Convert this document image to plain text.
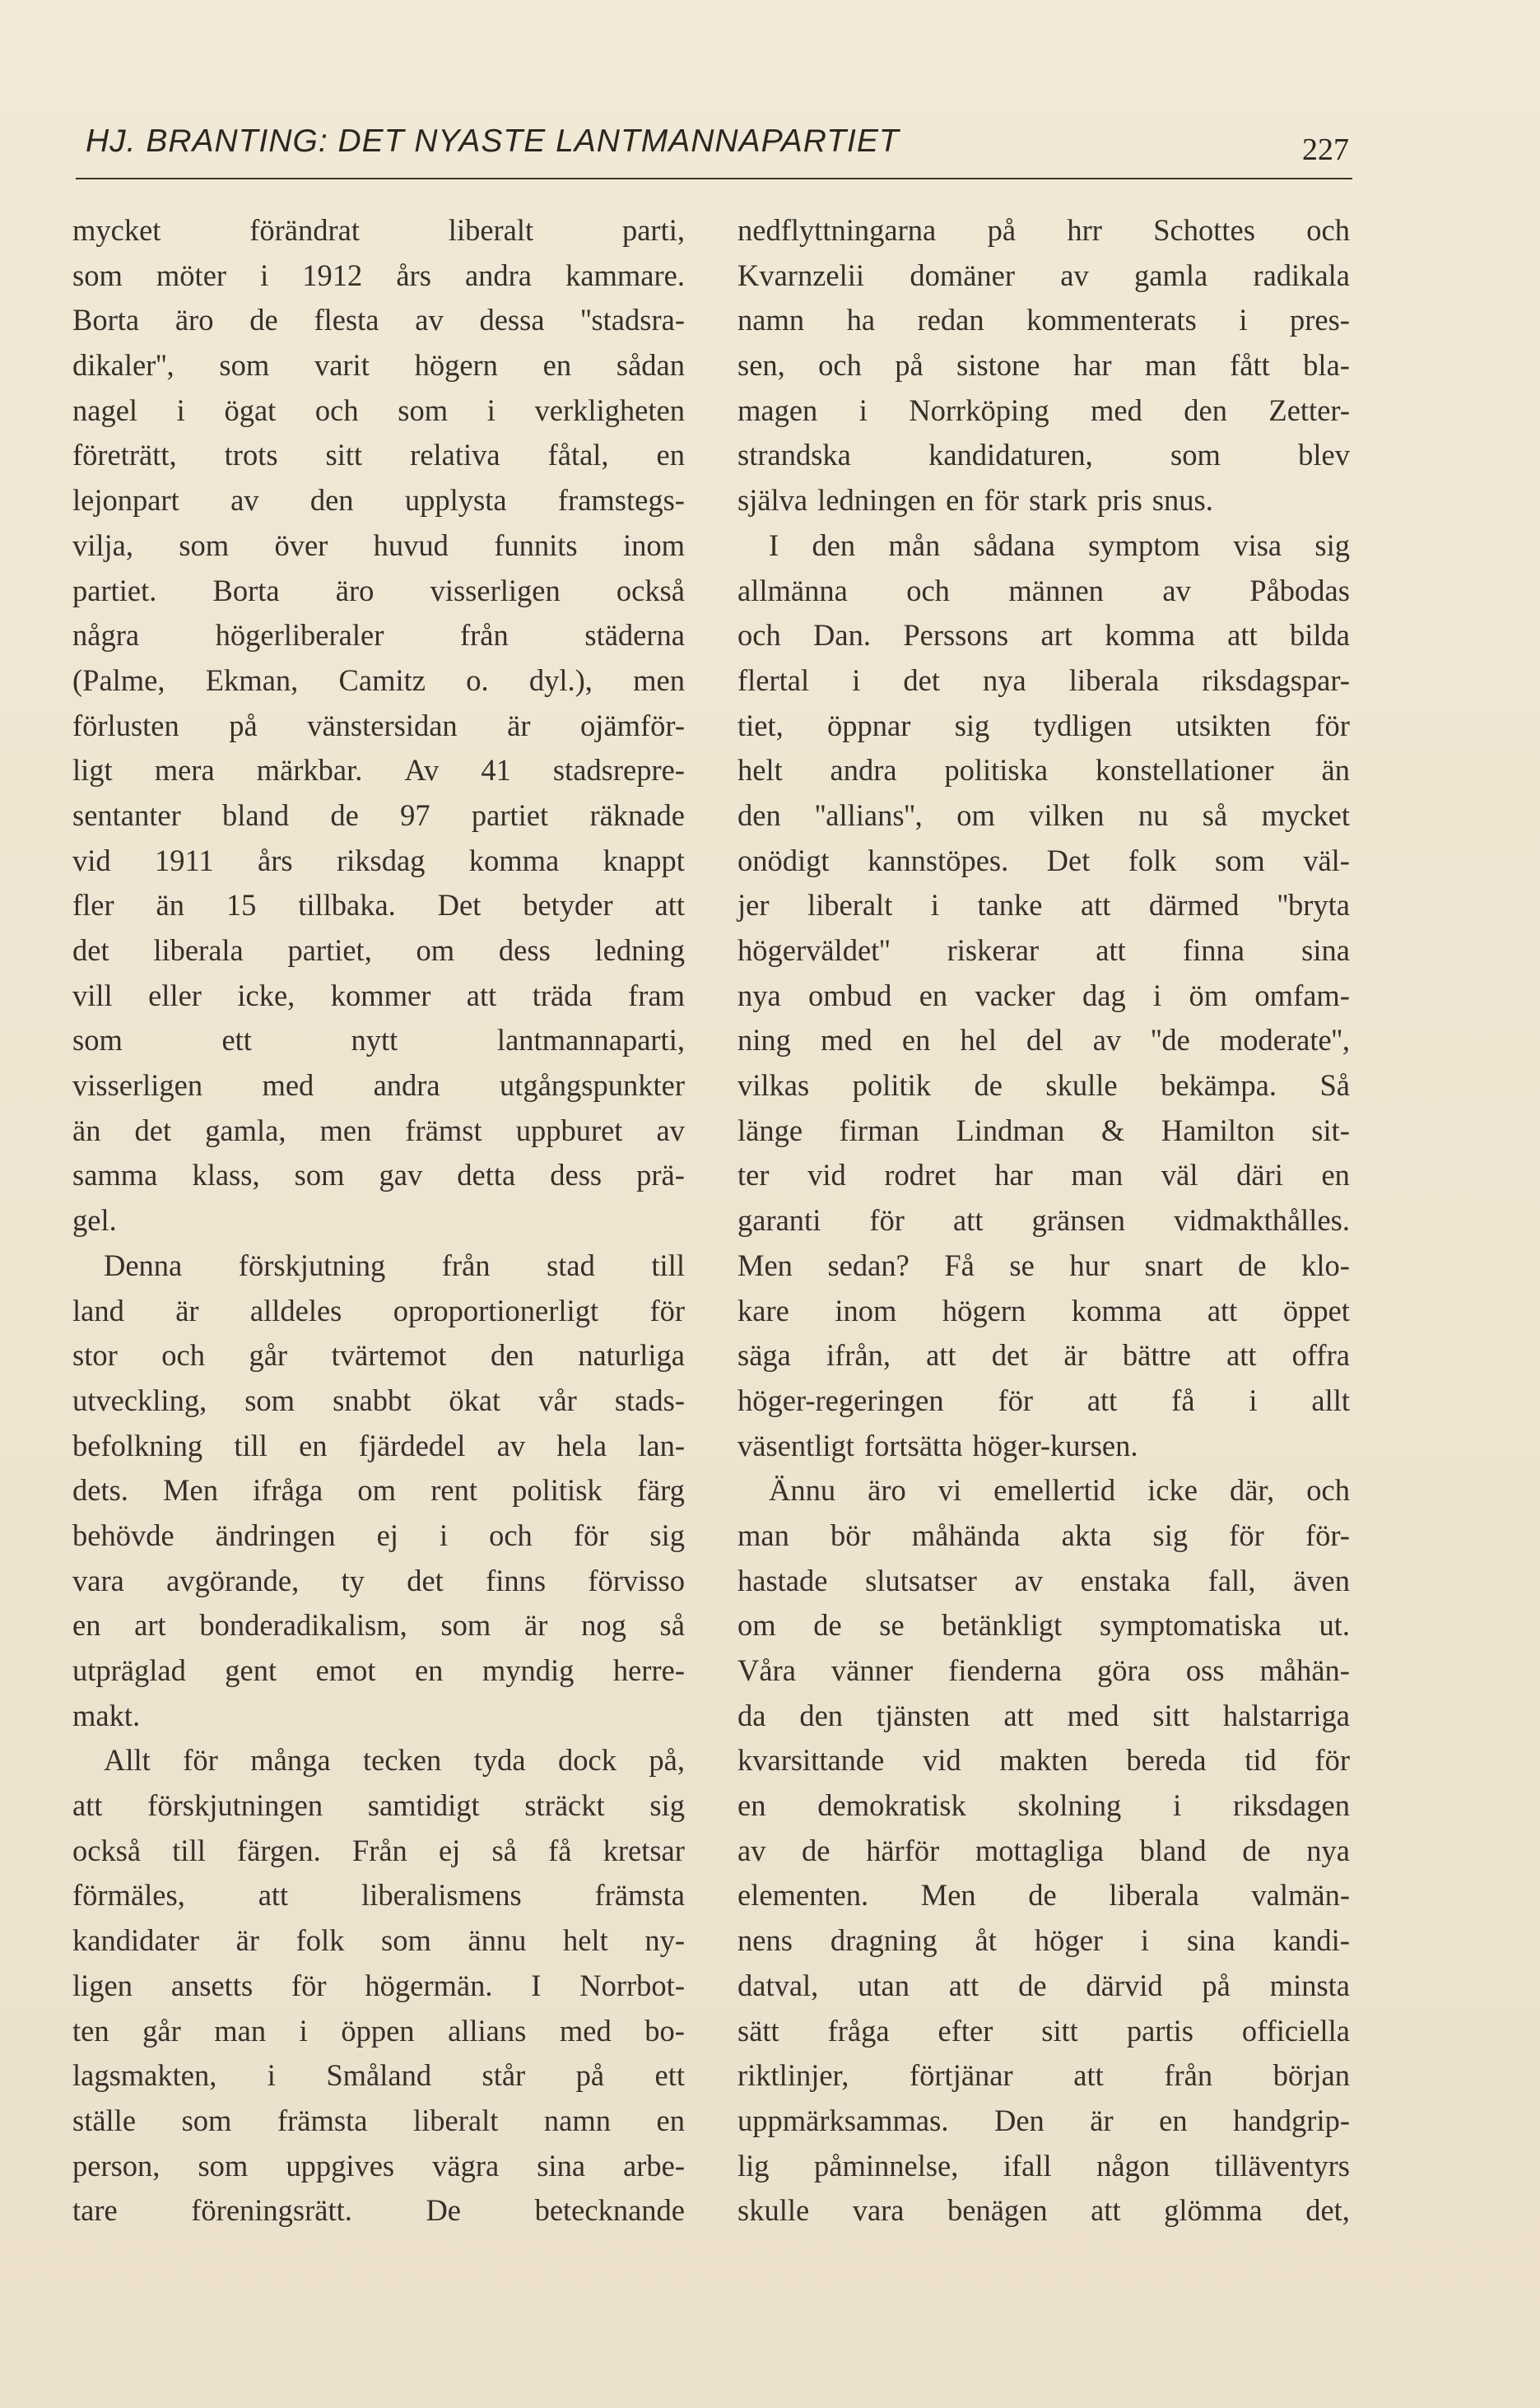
HJ. BRANTING: DET NYASTE LANTMANNAPARTIET	227
mycket	förändrat	liberalt	parti,
som möter i 1912 års andra kammare.
Borta äro de flesta av dessa ''stadsra-
dikaler'', som varit högern en sådan
nagel i ögat och som i verkligheten
företrätt, trots sitt relativa fåtal, en
lejonpart av den upplysta framstegs-
vilja, som över huvud funnits inom
partiet. Borta äro visserligen också
några	högerliberaler	från	städerna
(Palme, Ekman, Camitz o. dyl.), men
förlusten på vänstersidan är ojämför-
ligt mera märkbar. Av 41 stadsrepre-
sentanter bland de 97 partiet räknade
vid 1911 års riksdag komma knappt
fler än 15 tillbaka. Det betyder att
det liberala partiet, om dess ledning
vill eller icke, kommer att träda fram
som	ett	nytt	lantmannaparti,
visserligen med andra utgångspunkter
än det gamla, men främst uppburet av
samma klass, som gav detta dess prä-
gel.
Denna förskjutning från stad till
land är alldeles oproportionerligt för
stor och går tvärtemot den naturliga
utveckling, som snabbt ökat vår stads-
befolkning till en fjärdedel av hela lan-
dets. Men ifråga om rent politisk färg
behövde ändringen ej i och för sig
vara avgörande, ty det finns förvisso
en art bonderadikalism, som är nog så
utpräglad gent emot en myndig herre-
makt.
Allt för många tecken tyda dock på,
att förskjutningen samtidigt sträckt sig
också till färgen. Från ej så få kretsar
förmäles, att liberalismens främsta
kandidater är folk som ännu helt ny-
ligen ansetts för högermän. I Norrbot-
ten går man i öppen allians med bo-
lagsmakten, i Småland står på ett
ställe som främsta liberalt namn en
person, som uppgives vägra sina arbe-
tare föreningsrätt. De betecknande
nedflyttningarna på hrr Schottes och
Kvarnzelii domäner av gamla radikala
namn ha redan kommenterats i pres-
sen, och på sistone har man fått bla-
magen i Norrköping med den Zetter-
strandska	kandidaturen,	som	blev
själva ledningen en för stark pris snus.
I den mån sådana symptom visa sig
allmänna och männen av Påbodas
och Dan. Perssons art komma att bilda
flertal i det nya liberala riksdagspar-
tiet, öppnar sig tydligen utsikten för
helt andra politiska konstellationer än
den ''allians'', om vilken nu så mycket
onödigt kannstöpes. Det folk som väl-
jer liberalt i tanke att därmed ''bryta
högerväldet'' riskerar att finna sina
nya ombud en vacker dag i öm omfam-
ning med en hel del av ''de moderate'',
vilkas politik de skulle bekämpa. Så
länge firman Lindman & Hamilton sit-
ter vid rodret har man väl däri en
garanti för att gränsen vidmakthålles.
Men sedan? Få se hur snart de klo-
kare inom högern komma att öppet
säga ifrån, att det är bättre att offra
höger-regeringen för att få i allt
väsentligt fortsätta höger-kursen.
Ännu äro vi emellertid icke där, och
man bör måhända akta sig för för-
hastade slutsatser av enstaka fall, även
om de se betänkligt symptomatiska ut.
Våra vänner fienderna göra oss måhän-
da den tjänsten att med sitt halstarriga
kvarsittande vid makten bereda tid för
en demokratisk skolning i riksdagen
av de härför mottagliga bland de nya
elementen. Men de liberala valmän-
nens dragning åt höger i sina kandi-
datval, utan att de därvid på minsta
sätt fråga efter sitt partis officiella
riktlinjer, förtjänar att från början
uppmärksammas. Den är en handgrip-
lig påminnelse, ifall någon tilläventyrs
skulle vara benägen att glömma det,
